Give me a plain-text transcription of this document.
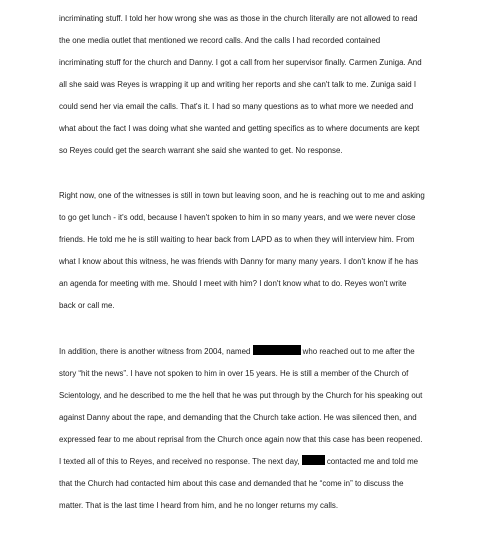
incriminating stuff. I told her how wrong she was as those in the church literally are not allowed to read
the one media outlet that mentioned we record calls. And the calls I had recorded contained
incriminating stuff for the church and Danny. I got a call from her supervisor finally. Carmen Zuniga. And
all she said was Reyes is wrapping it up and writing her reports and she can't talk to me. Zuniga said I
could send her via email the calls. That's it. I had so many questions as to what more we needed and
what about the fact I was doing what she wanted and getting specifics as to where documents are kept
so Reyes could get the search warrant she said she wanted to get. No response.
Right now, one of the witnesses is still in town but leaving soon, and he is reaching out to me and asking
to go get lunch - it's odd, because I haven't spoken to him in so many years, and we were never close
friends. He told me he is still waiting to hear back from LAPD as to when they will interview him. From
what I know about this witness, he was friends with Danny for many many years. I don't know if he has
an agenda for meeting with me. Should I meet with him? I don't know what to do. Reyes won't write
back or call me.
In addition, there is another witness from 2004, named	who reached out to me after the
story “hit the news”. I have not spoken to him in over 15 years. He is still a member of the Church of
Scientology, and he described to me the hell that he was put through by the Church for his speaking out
against Danny about the rape, and demanding that the Church take action. He was silenced then, and
expressed fear to me about reprisal from the Church once again now that this case has been reopened.
I texted all of this to Reyes, and received no response. The next day,	contacted me and told me
that the Church had contacted him about this case and demanded that he “come in” to discuss the
matter. That is the last time I heard from him, and he no longer returns my calls.
